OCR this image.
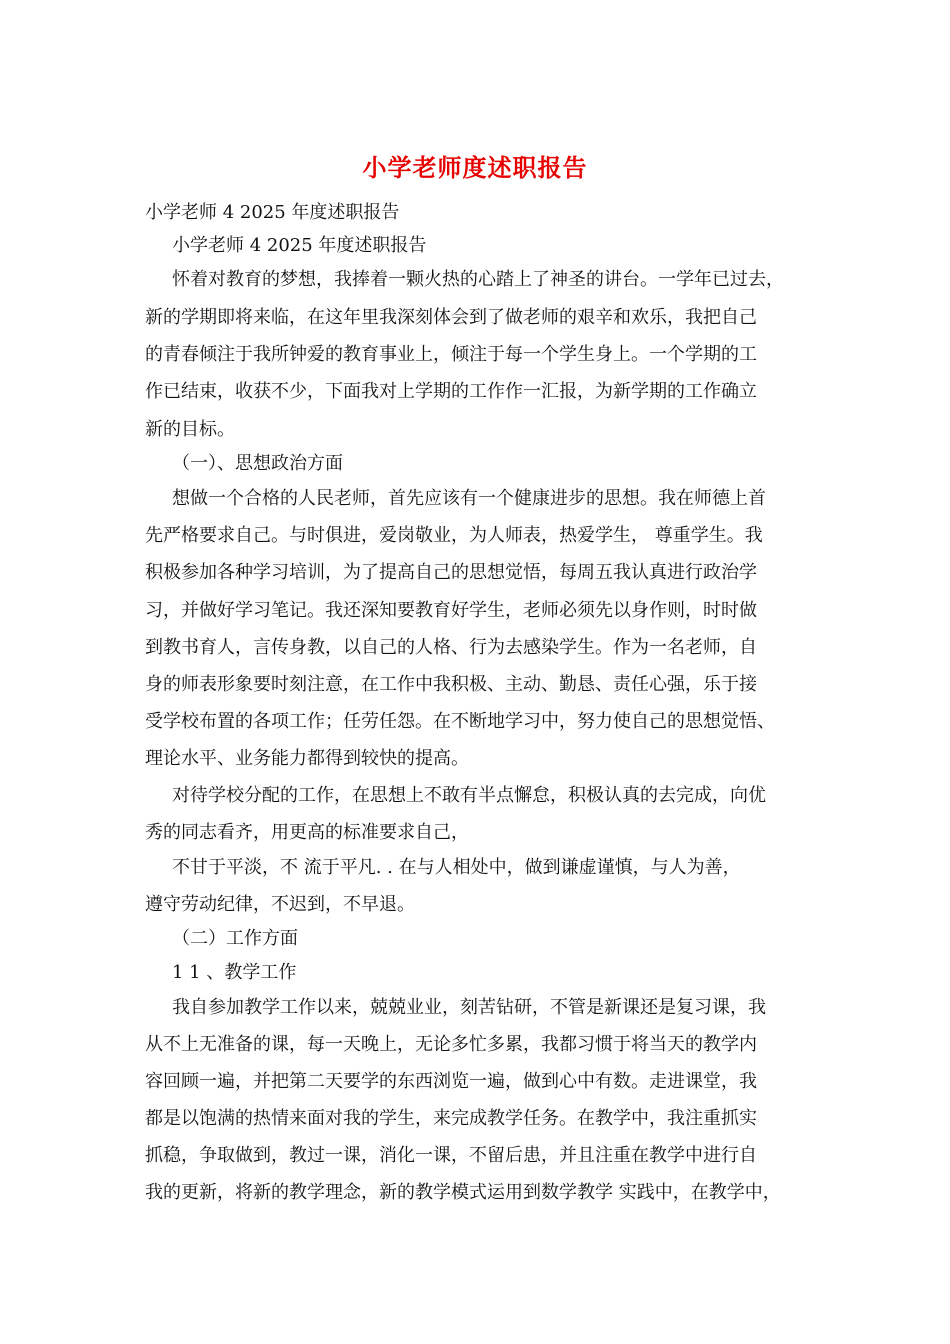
小学老师度述职报告
小学老师 4 2025 年度述职报告
小学老师 4 2025 年度述职报告
怀着对教育的梦想，我捧着一颗火热的心踏上了神圣的讲台。一学年已过去，
新的学期即将来临，在这年里我深刻体会到了做老师的艰辛和欢乐，我把自己
的青春倾注于我所钟爱的教育事业上，倾注于每一个学生身上。一个学期的工
作已结束，收获不少，下面我对上学期的工作作一汇报，为新学期的工作确立
新的目标。
（一）、思想政治方面
想做一个合格的人民老师，首先应该有一个健康进步的思想。我在师德上首
先严格要求自己。与时俱进，爱岗敬业，为人师表，热爱学生， 尊重学生。我
积极参加各种学习培训，为了提高自己的思想觉悟，每周五我认真进行政治学
习，并做好学习笔记。我还深知要教育好学生，老师必须先以身作则，时时做
到教书育人，言传身教，以自己的人格、行为去感染学生。作为一名老师，自
身的师表形象要时刻注意，在工作中我积极、主动、勤恳、责任心强，乐于接
受学校布置的各项工作；任劳任怨。在不断地学习中，努力使自己的思想觉悟、
理论水平、业务能力都得到较快的提高。
对待学校分配的工作，在思想上不敢有半点懈怠，积极认真的去完成，向优
秀的同志看齐，用更高的标准要求自己，
不甘于平淡，不 流于平凡. . 在与人相处中，做到谦虚谨慎，与人为善，
遵守劳动纪律，不迟到，不早退。
（二）工作方面
1 1 、教学工作
我自参加教学工作以来，兢兢业业，刻苦钻研，不管是新课还是复习课，我
从不上无准备的课，每一天晚上，无论多忙多累，我都习惯于将当天的教学内
容回顾一遍，并把第二天要学的东西浏览一遍，做到心中有数。走进课堂，我
都是以饱满的热情来面对我的学生，来完成教学任务。在教学中，我注重抓实
抓稳，争取做到，教过一课，消化一课，不留后患，并且注重在教学中进行自
我的更新，将新的教学理念，新的教学模式运用到数学教学 实践中，在教学中，
